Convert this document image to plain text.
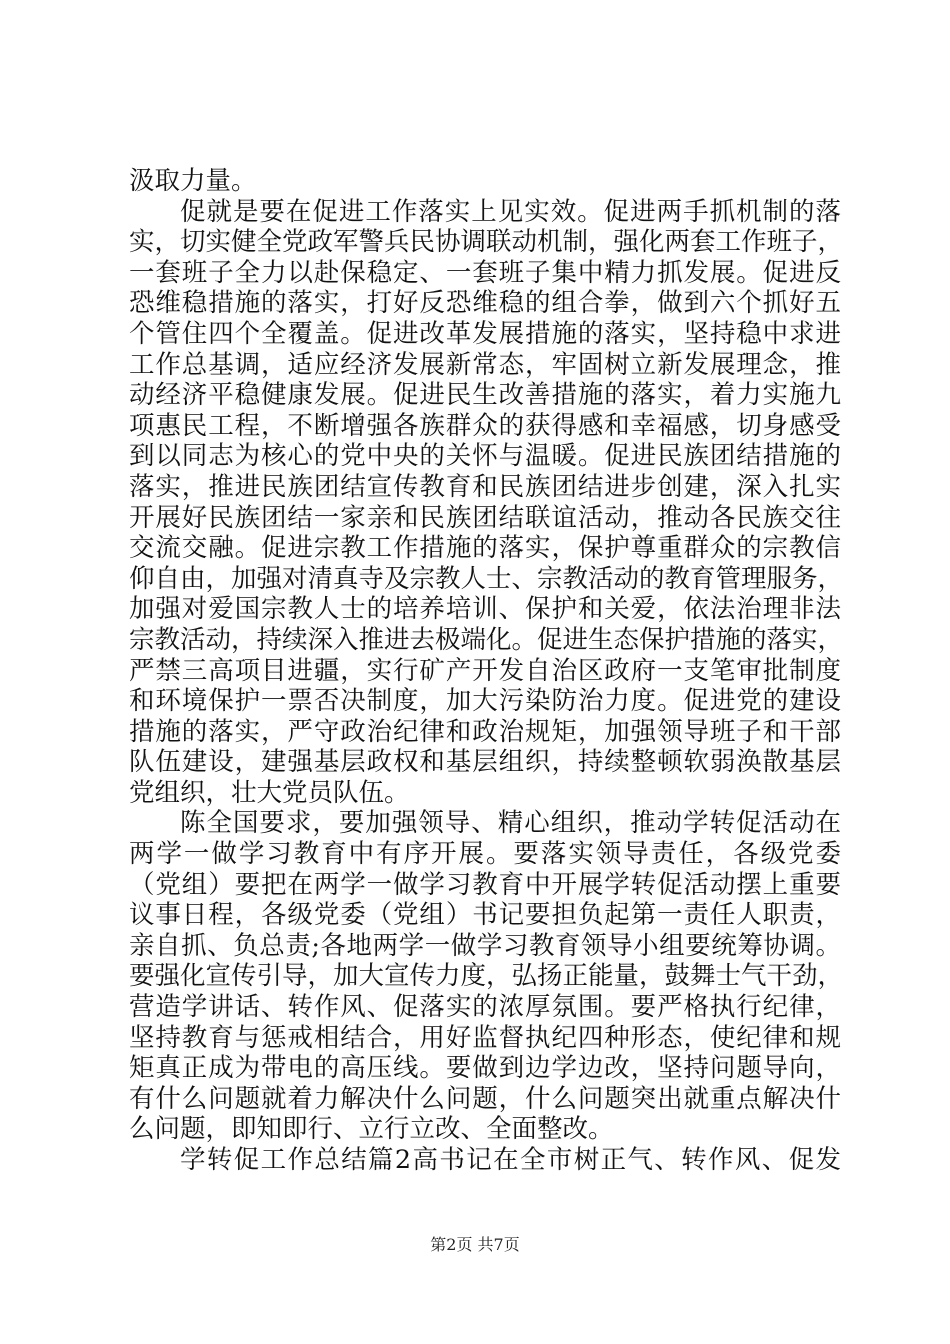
汲取力量。
促就是要在促进工作落实上见实效。促进两手抓机制的落
实，切实健全党政军警兵民协调联动机制，强化两套工作班子，
一套班子全力以赴保稳定、一套班子集中精力抓发展。促进反
恐维稳措施的落实，打好反恐维稳的组合拳，做到六个抓好五
个管住四个全覆盖。促进改革发展措施的落实，坚持稳中求进
工作总基调，适应经济发展新常态，牢固树立新发展理念，推
动经济平稳健康发展。促进民生改善措施的落实，着力实施九
项惠民工程，不断增强各族群众的获得感和幸福感，切身感受
到以同志为核心的党中央的关怀与温暖。促进民族团结措施的
落实，推进民族团结宣传教育和民族团结进步创建，深入扎实
开展好民族团结一家亲和民族团结联谊活动，推动各民族交往
交流交融。促进宗教工作措施的落实，保护尊重群众的宗教信
仰自由，加强对清真寺及宗教人士、宗教活动的教育管理服务，
加强对爱国宗教人士的培养培训、保护和关爱，依法治理非法
宗教活动，持续深入推进去极端化。促进生态保护措施的落实，
严禁三高项目进疆，实行矿产开发自治区政府一支笔审批制度
和环境保护一票否决制度，加大污染防治力度。促进党的建设
措施的落实，严守政治纪律和政治规矩，加强领导班子和干部
队伍建设，建强基层政权和基层组织，持续整顿软弱涣散基层
党组织，壮大党员队伍。
陈全国要求，要加强领导、精心组织，推动学转促活动在
两学一做学习教育中有序开展。要落实领导责任，各级党委
（党组）要把在两学一做学习教育中开展学转促活动摆上重要
议事日程，各级党委（党组）书记要担负起第一责任人职责，
亲自抓、负总责;各地两学一做学习教育领导小组要统筹协调。
要强化宣传引导，加大宣传力度，弘扬正能量，鼓舞士气干劲，
营造学讲话、转作风、促落实的浓厚氛围。要严格执行纪律，
坚持教育与惩戒相结合，用好监督执纪四种形态，使纪律和规
矩真正成为带电的高压线。要做到边学边改，坚持问题导向，
有什么问题就着力解决什么问题，什么问题突出就重点解决什
么问题，即知即行、立行立改、全面整改。
学转促工作总结篇2高书记在全市树正气、转作风、促发
第2页 共7页
